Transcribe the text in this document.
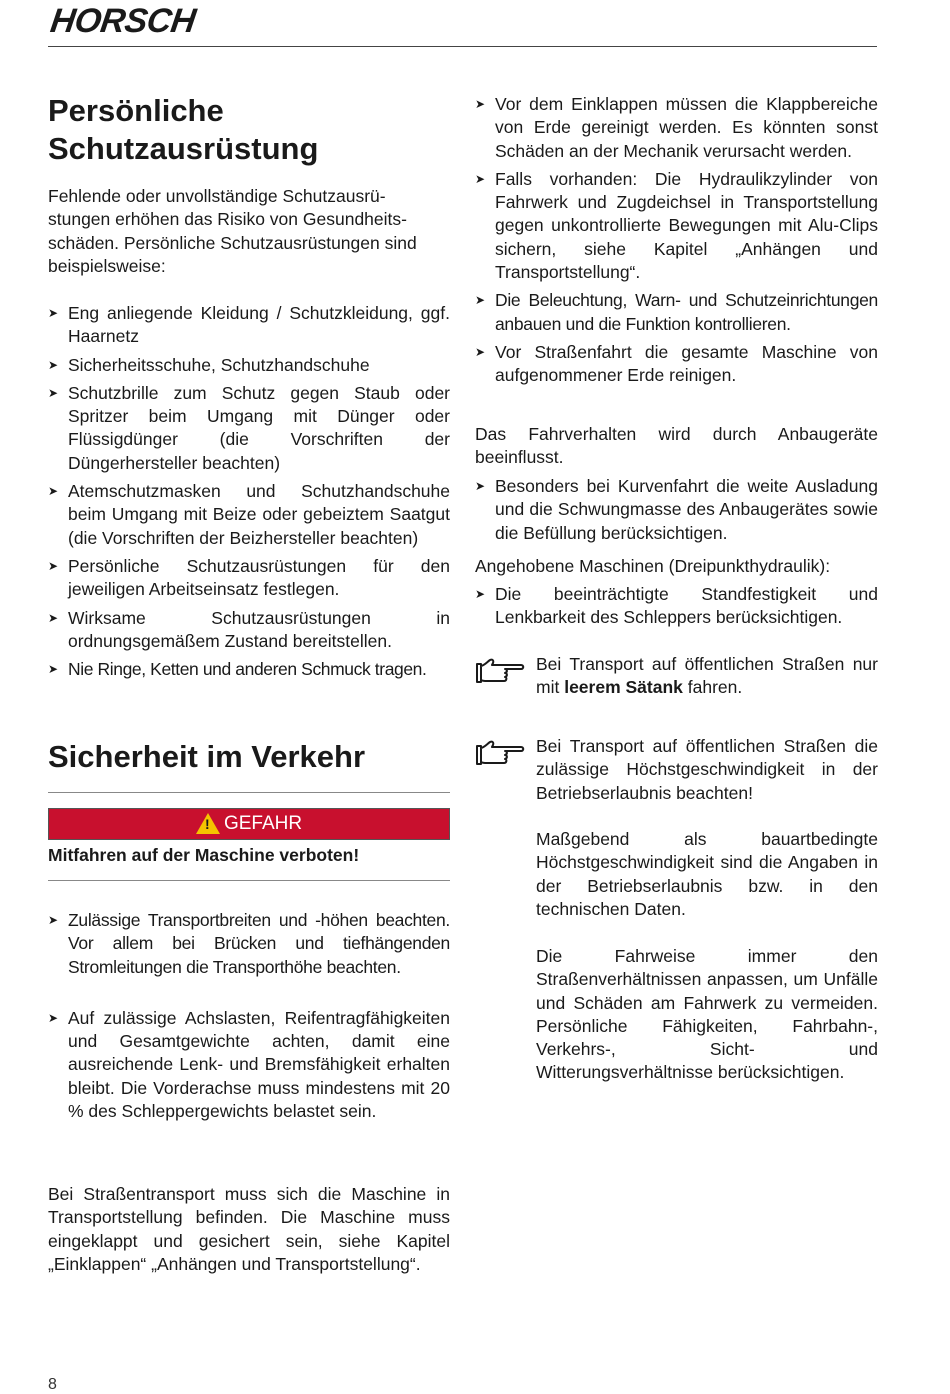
HORSCH
Persönliche
Schutzausrüstung
Fehlende oder unvollständige Schutzausrü-
stungen erhöhen das Risiko von Gesundheits-
schäden. Persönliche Schutzausrüstungen sind
beispielsweise:
➤ Eng anliegende Kleidung / Schutzkleidung, ggf. Haarnetz
➤ Sicherheitsschuhe, Schutzhandschuhe
➤ Schutzbrille zum Schutz gegen Staub oder Spritzer beim Umgang mit Dünger oder Flüssigdünger (die Vorschriften der Düngerhersteller beachten)
➤ Atemschutzmasken und Schutzhandschuhe beim Umgang mit Beize oder gebeiztem Saatgut (die Vorschriften der Beizhersteller beachten)
➤ Persönliche Schutzausrüstungen für den jeweiligen Arbeitseinsatz festlegen.
➤ Wirksame Schutzausrüstungen in ordnungsgemäßem Zustand bereitstellen.
➤ Nie Ringe, Ketten und anderen Schmuck tragen.
Sicherheit im Verkehr
! GEFAHR
Mitfahren auf der Maschine verboten!
➤ Zulässige Transportbreiten und -höhen beachten. Vor allem bei Brücken und tiefhängenden Stromleitungen die Transporthöhe beachten.
➤ Auf zulässige Achslasten, Reifentragfähigkeiten und Gesamtgewichte achten, damit eine ausreichende Lenk- und Bremsfähigkeit erhalten bleibt. Die Vorderachse muss mindestens mit 20 % des Schleppergewichts belastet sein.
Bei Straßentransport muss sich die Maschine in Transportstellung befinden. Die Maschine muss eingeklappt und gesichert sein, siehe Kapitel „Einklappen“ „Anhängen und Transportstellung“.
➤ Vor dem Einklappen müssen die Klappbereiche von Erde gereinigt werden. Es könnten sonst Schäden an der Mechanik verursacht werden.
➤ Falls vorhanden: Die Hydraulikzylinder von Fahrwerk und Zugdeichsel in Transportstellung gegen unkontrollierte Bewegungen mit Alu-Clips sichern, siehe Kapitel „Anhängen und Transportstellung“.
➤ Die Beleuchtung, Warn- und Schutzeinrichtungen anbauen und die Funktion kontrollieren.
➤ Vor Straßenfahrt die gesamte Maschine von aufgenommener Erde reinigen.
Das Fahrverhalten wird durch Anbaugeräte beeinflusst.
➤ Besonders bei Kurvenfahrt die weite Ausladung und die Schwungmasse des Anbaugerätes sowie die Befüllung berücksichtigen.
Angehobene Maschinen (Dreipunkthydraulik):
➤ Die beeinträchtigte Standfestigkeit und Lenkbarkeit des Schleppers berücksichtigen.
Bei Transport auf öffentlichen Straßen nur mit leerem Sätank fahren.
Bei Transport auf öffentlichen Straßen die zulässige Höchstgeschwindigkeit in der Betriebserlaubnis beachten!
Maßgebend als bauartbedingte Höchstgeschwindigkeit sind die Angaben in der Betriebserlaubnis bzw. in den technischen Daten.
Die Fahrweise immer den Straßenverhältnissen anpassen, um Unfälle und Schäden am Fahrwerk zu vermeiden. Persönliche Fähigkeiten, Fahrbahn-, Verkehrs-, Sicht- und Witterungsverhältnisse berücksichtigen.
8
